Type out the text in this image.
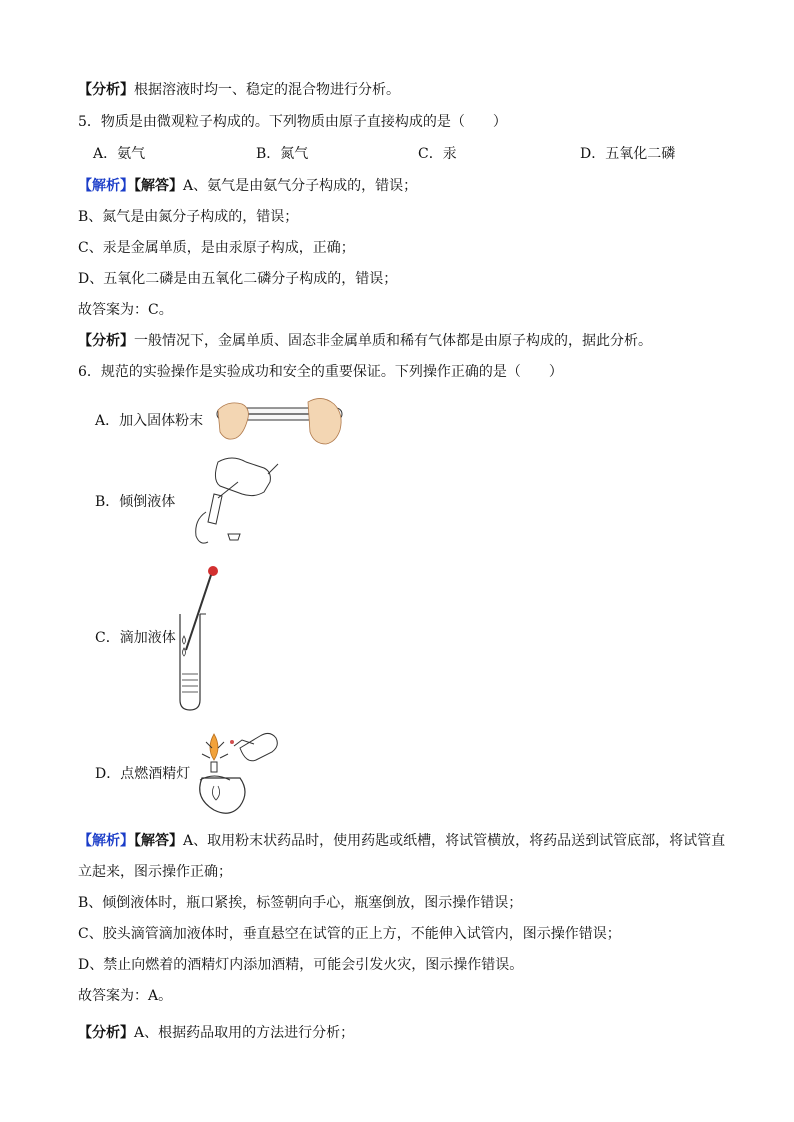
【分析】根据溶液时均一、稳定的混合物进行分析。
5．物质是由微观粒子构成的。下列物质由原子直接构成的是（　　）
A．氨气	B．氮气	C．汞	D．五氧化二磷
【解析】【解答】A、氨气是由氨气分子构成的，错误；
B、氮气是由氮分子构成的，错误；
C、汞是金属单质，是由汞原子构成，正确；
D、五氧化二磷是由五氧化二磷分子构成的，错误；
故答案为：C。
【分析】一般情况下，金属单质、固态非金属单质和稀有气体都是由原子构成的，据此分析。
6．规范的实验操作是实验成功和安全的重要保证。下列操作正确的是（　　）
A．加入固体粉末
B．倾倒液体
C．滴加液体
D．点燃酒精灯
【解析】【解答】A、取用粉末状药品时，使用药匙或纸槽，将试管横放，将药品送到试管底部，将试管直
立起来，图示操作正确；
B、倾倒液体时，瓶口紧挨，标签朝向手心，瓶塞倒放，图示操作错误；
C、胶头滴管滴加液体时，垂直悬空在试管的正上方，不能伸入试管内，图示操作错误；
D、禁止向燃着的酒精灯内添加酒精，可能会引发火灾，图示操作错误。
故答案为：A。
【分析】A、根据药品取用的方法进行分析；
